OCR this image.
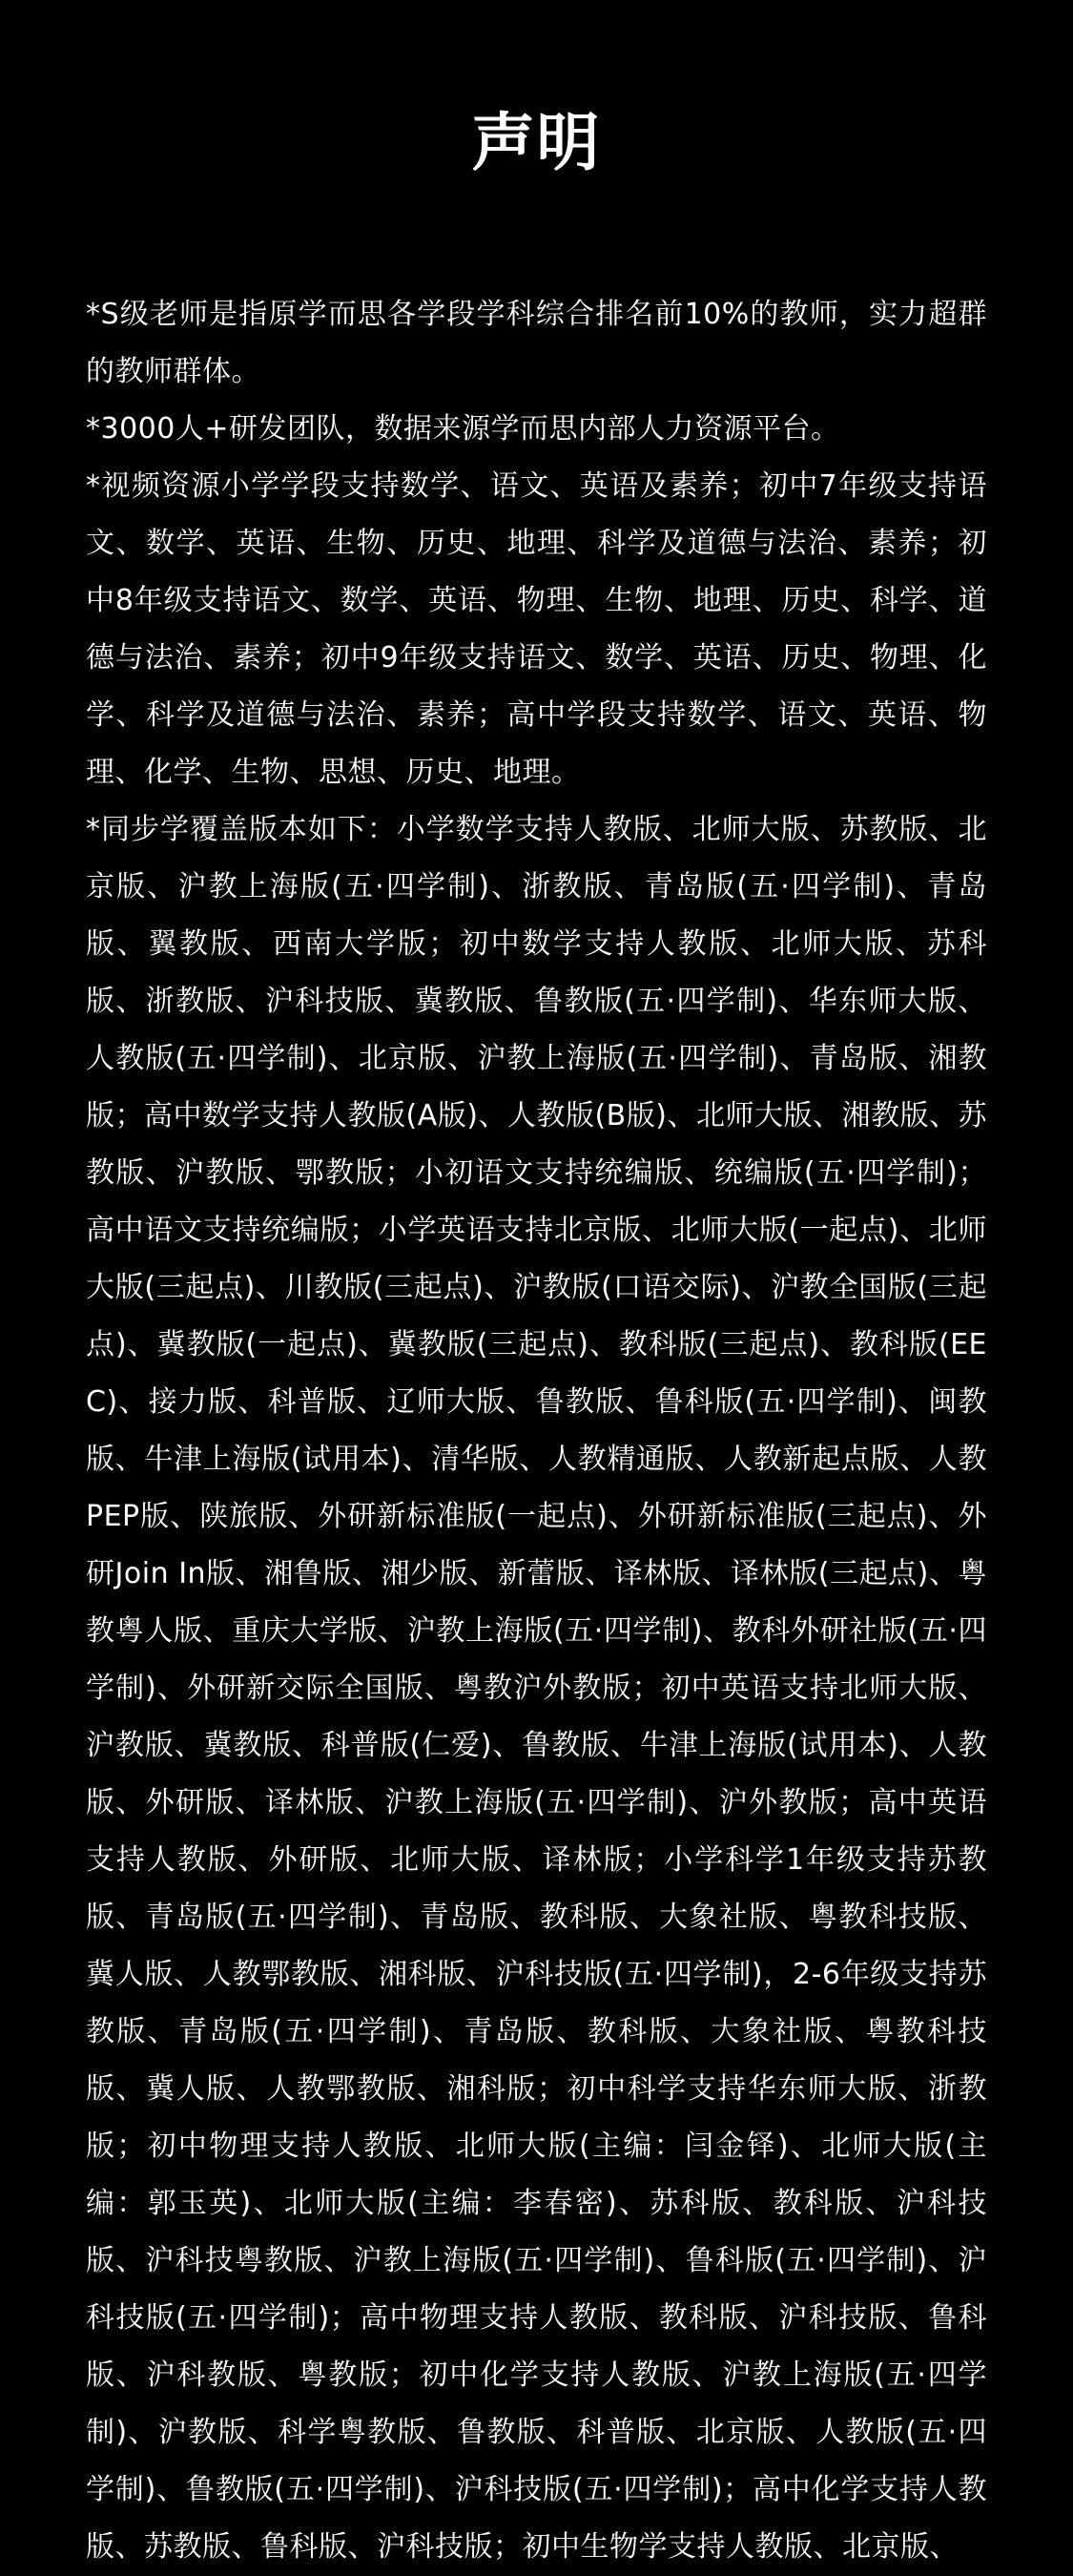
声明

*S级老师是指原学而思各学段学科综合排名前10%的教师，实力超群的教师群体。

*3000人+研发团队，数据来源学而思内部人力资源平台。

*视频资源小学学段支持数学、语文、英语及素养；初中7年级支持语文、数学、英语、生物、历史、地理、科学及道德与法治、素养；初中8年级支持语文、数学、英语、物理、生物、地理、历史、科学、道德与法治、素养；初中9年级支持语文、数学、英语、历史、物理、化学、科学及道德与法治、素养；高中学段支持数学、语文、英语、物理、化学、生物、思想、历史、地理。

*同步学覆盖版本如下：小学数学支持人教版、北师大版、苏教版、北京版、沪教上海版(五·四学制)、浙教版、青岛版(五·四学制)、青岛版、翼教版、西南大学版；初中数学支持人教版、北师大版、苏科版、浙教版、沪科技版、冀教版、鲁教版(五·四学制)、华东师大版、人教版(五·四学制)、北京版、沪教上海版(五·四学制)、青岛版、湘教版；高中数学支持人教版(A版)、人教版(B版)、北师大版、湘教版、苏教版、沪教版、鄂教版；小初语文支持统编版、统编版(五·四学制)；高中语文支持统编版；小学英语支持北京版、北师大版(一起点)、北师大版(三起点)、川教版(三起点)、沪教版(口语交际)、沪教全国版(三起点)、冀教版(一起点)、冀教版(三起点)、教科版(三起点)、教科版(EEC)、接力版、科普版、辽师大版、鲁教版、鲁科版(五·四学制)、闽教版、牛津上海版(试用本)、清华版、人教精通版、人教新起点版、人教PEP版、陕旅版、外研新标准版(一起点)、外研新标准版(三起点)、外研Join In版、湘鲁版、湘少版、新蕾版、译林版、译林版(三起点)、粤教粤人版、重庆大学版、沪教上海版(五·四学制)、教科外研社版(五·四学制)、外研新交际全国版、粤教沪外教版；初中英语支持北师大版、沪教版、冀教版、科普版(仁爱)、鲁教版、牛津上海版(试用本)、人教版、外研版、译林版、沪教上海版(五·四学制)、沪外教版；高中英语支持人教版、外研版、北师大版、译林版；小学科学1年级支持苏教版、青岛版(五·四学制)、青岛版、教科版、大象社版、粤教科技版、冀人版、人教鄂教版、湘科版、沪科技版(五·四学制)，2-6年级支持苏教版、青岛版(五·四学制)、青岛版、教科版、大象社版、粤教科技版、冀人版、人教鄂教版、湘科版；初中科学支持华东师大版、浙教版；初中物理支持人教版、北师大版(主编：闫金铎)、北师大版(主编：郭玉英)、北师大版(主编：李春密)、苏科版、教科版、沪科技版、沪科技粤教版、沪教上海版(五·四学制)、鲁科版(五·四学制)、沪科技版(五·四学制)；高中物理支持人教版、教科版、沪科技版、鲁科版、沪科教版、粤教版；初中化学支持人教版、沪教上海版(五·四学制)、沪教版、科学粤教版、鲁教版、科普版、北京版、人教版(五·四学制)、鲁教版(五·四学制)、沪科技版(五·四学制)；高中化学支持人教版、苏教版、鲁科版、沪科技版；初中生物学支持人教版、北京版、
